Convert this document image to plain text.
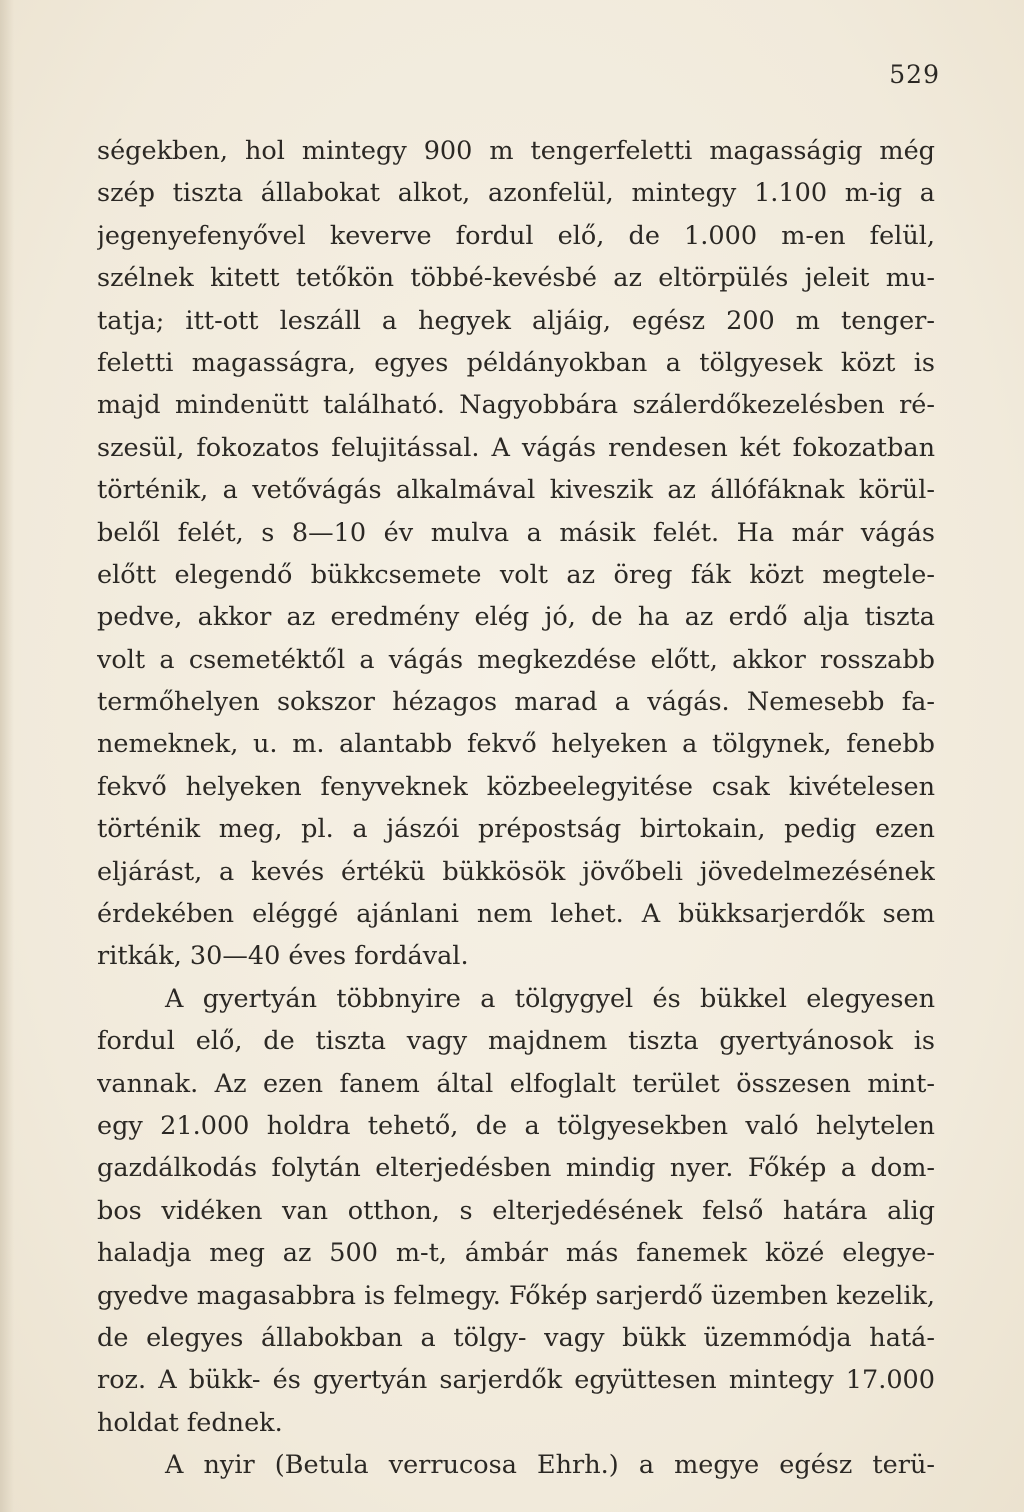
529
ségekben, hol mintegy 900 m tengerfeletti magasságig még
szép tiszta állabokat alkot, azonfelül, mintegy 1.100 m-ig a
jegenyefenyővel keverve fordul elő, de 1.000 m-en felül,
szélnek kitett tetőkön többé-kevésbé az eltörpülés jeleit mu-
tatja; itt-ott leszáll a hegyek aljáig, egész 200 m tenger-
feletti magasságra, egyes példányokban a tölgyesek közt is
majd mindenütt található. Nagyobbára szálerdőkezelésben ré-
szesül, fokozatos felujitással. A vágás rendesen két fokozatban
történik, a vetővágás alkalmával kiveszik az állófáknak körül-
belől felét, s 8—10 év mulva a másik felét. Ha már vágás
előtt elegendő bükkcsemete volt az öreg fák közt megtele-
pedve, akkor az eredmény elég jó, de ha az erdő alja tiszta
volt a csemetéktől a vágás megkezdése előtt, akkor rosszabb
termőhelyen sokszor hézagos marad a vágás. Nemesebb fa-
nemeknek, u. m. alantabb fekvő helyeken a tölgynek, fenebb
fekvő helyeken fenyveknek közbeelegyitése csak kivételesen
történik meg, pl. a jászói prépostság birtokain, pedig ezen
eljárást, a kevés értékü bükkösök jövőbeli jövedelmezésének
érdekében eléggé ajánlani nem lehet. A bükksarjerdők sem
ritkák, 30—40 éves fordával.
A gyertyán többnyire a tölgygyel és bükkel elegyesen
fordul elő, de tiszta vagy majdnem tiszta gyertyánosok is
vannak. Az ezen fanem által elfoglalt terület összesen mint-
egy 21.000 holdra tehető, de a tölgyesekben való helytelen
gazdálkodás folytán elterjedésben mindig nyer. Főkép a dom-
bos vidéken van otthon, s elterjedésének felső határa alig
haladja meg az 500 m-t, ámbár más fanemek közé elegye-
gyedve magasabbra is felmegy. Főkép sarjerdő üzemben kezelik,
de elegyes állabokban a tölgy- vagy bükk üzemmódja hatá-
roz. A bükk- és gyertyán sarjerdők együttesen mintegy 17.000
holdat fednek.
A nyir (Betula verrucosa Ehrh.) a megye egész terü-
